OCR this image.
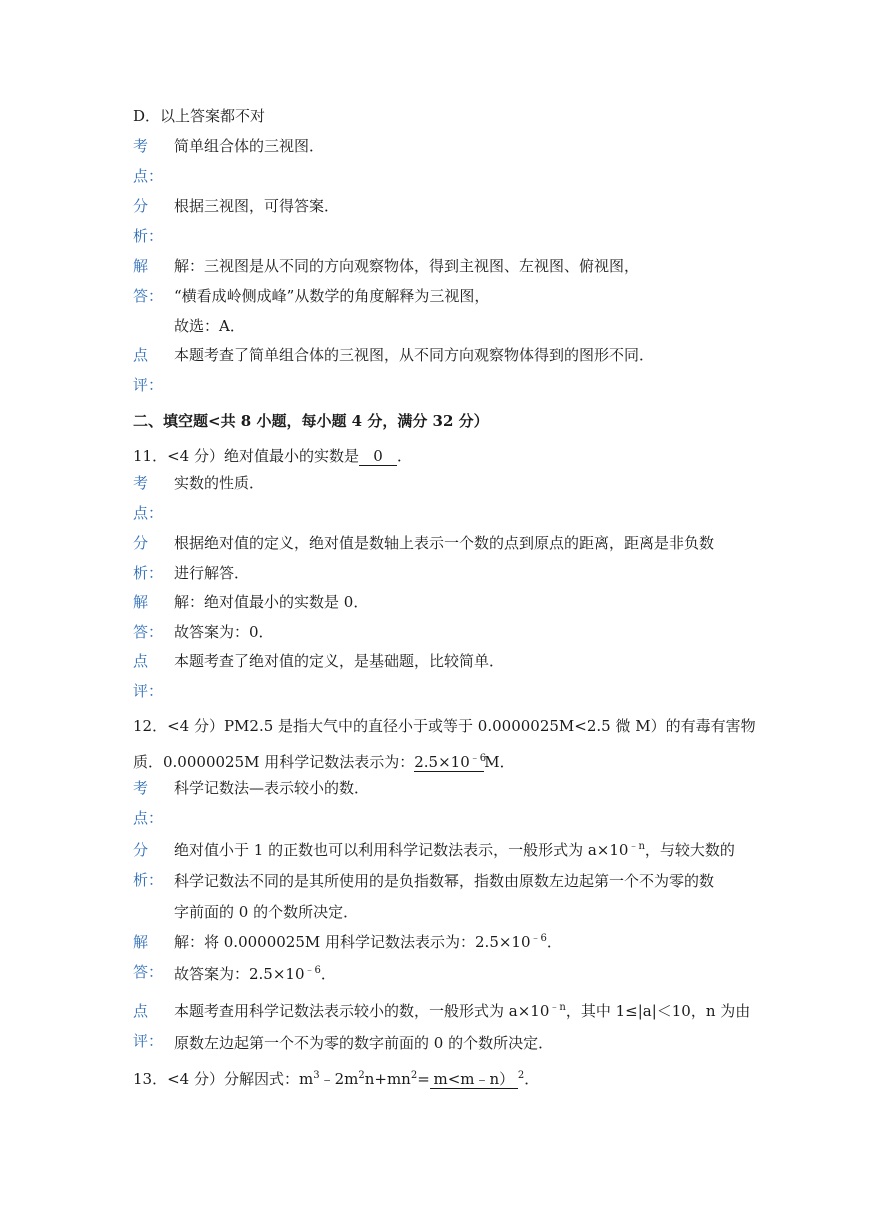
D．以上答案都不对
考
点：
简单组合体的三视图．
分
析：
根据三视图，可得答案．
解
答：
解：三视图是从不同的方向观察物体，得到主视图、左视图、俯视图，
“横看成岭侧成峰”从数学的角度解释为三视图，
故选：A．
点
评：
本题考查了简单组合体的三视图，从不同方向观察物体得到的图形不同．
二、填空题<共 8 小题，每小题 4 分，满分 32 分）
11．<4 分）绝对值最小的实数是 0 ．
考
点：
实数的性质．
分
析：
根据绝对值的定义，绝对值是数轴上表示一个数的点到原点的距离，距离是非负数
进行解答．
解
答：
解：绝对值最小的实数是 0．
故答案为：0．
点
评：
本题考查了绝对值的定义，是基础题，比较简单．
12．<4 分）PM2.5 是指大气中的直径小于或等于 0.0000025M<2.5 微 M）的有毒有害物
质．0.0000025M 用科学记数法表示为：$2.5\times 10^{﹣6}M$．
考
点：
科学记数法—表示较小的数．
分
析：
绝对值小于 1 的正数也可以利用科学记数法表示，一般形式为 $a\times 10^{﹣n}$，与较大数的
科学记数法不同的是其所使用的是负指数幂，指数由原数左边起第一个不为零的数
字前面的 0 的个数所决定．
解
答：
解：将 0.0000025M 用科学记数法表示为：$2.5\times 10^{﹣6}$．
故答案为：$2.5\times 10^{﹣6}$．
点
评：
本题考查用科学记数法表示较小的数，一般形式为 $a\times 10^{﹣n}$，其中 1≤|a|＜10，n 为由
原数左边起第一个不为零的数字前面的 0 的个数所决定．
13．<4 分）分解因式：$m^3﹣2m^2n+mn^2=$ m<m﹣n） $^2$．
